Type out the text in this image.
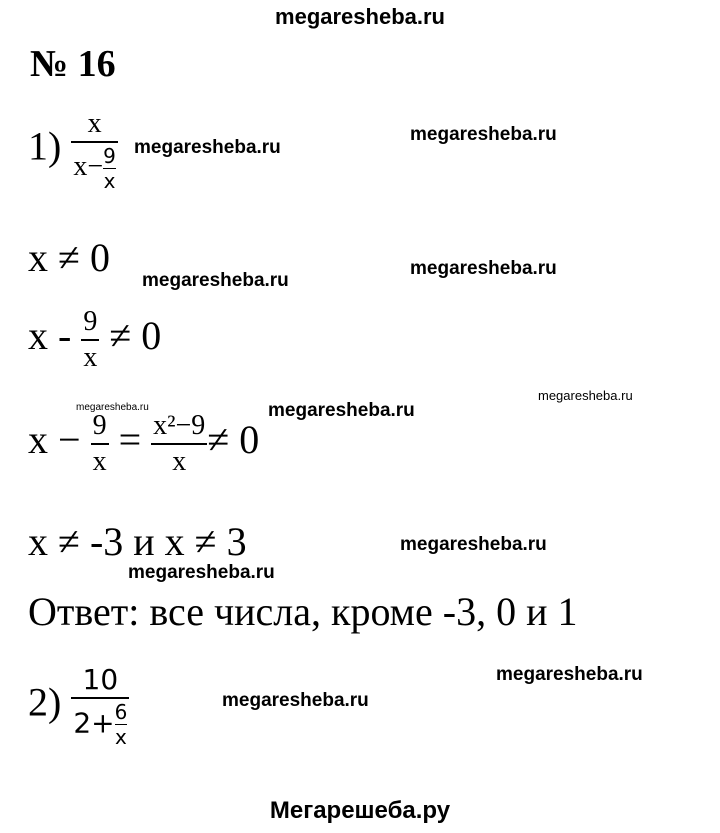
megaresheba.ru
megaresheba.ru
megaresheba.ru
megaresheba.ru
megaresheba.ru
megaresheba.ru
megaresheba.ru	megaresheba.ru
megaresheba.ru
megaresheba.ru
megaresheba.ru
megaresheba.ru
Мегарешеба.ру
№ 16
$1) \frac{x}{x- \frac{9}{x}}$
x ≠ 0
$x - \frac{9}{x} \ne 0$
$x - \frac{9}{x} = \frac{\text{x²−9}}{x} \ne 0$
x ≠ -3 и x ≠ 3
Ответ: все числа, кроме -3, 0 и 1
$2) \frac{10}{2+ \frac{6}{x}}$
